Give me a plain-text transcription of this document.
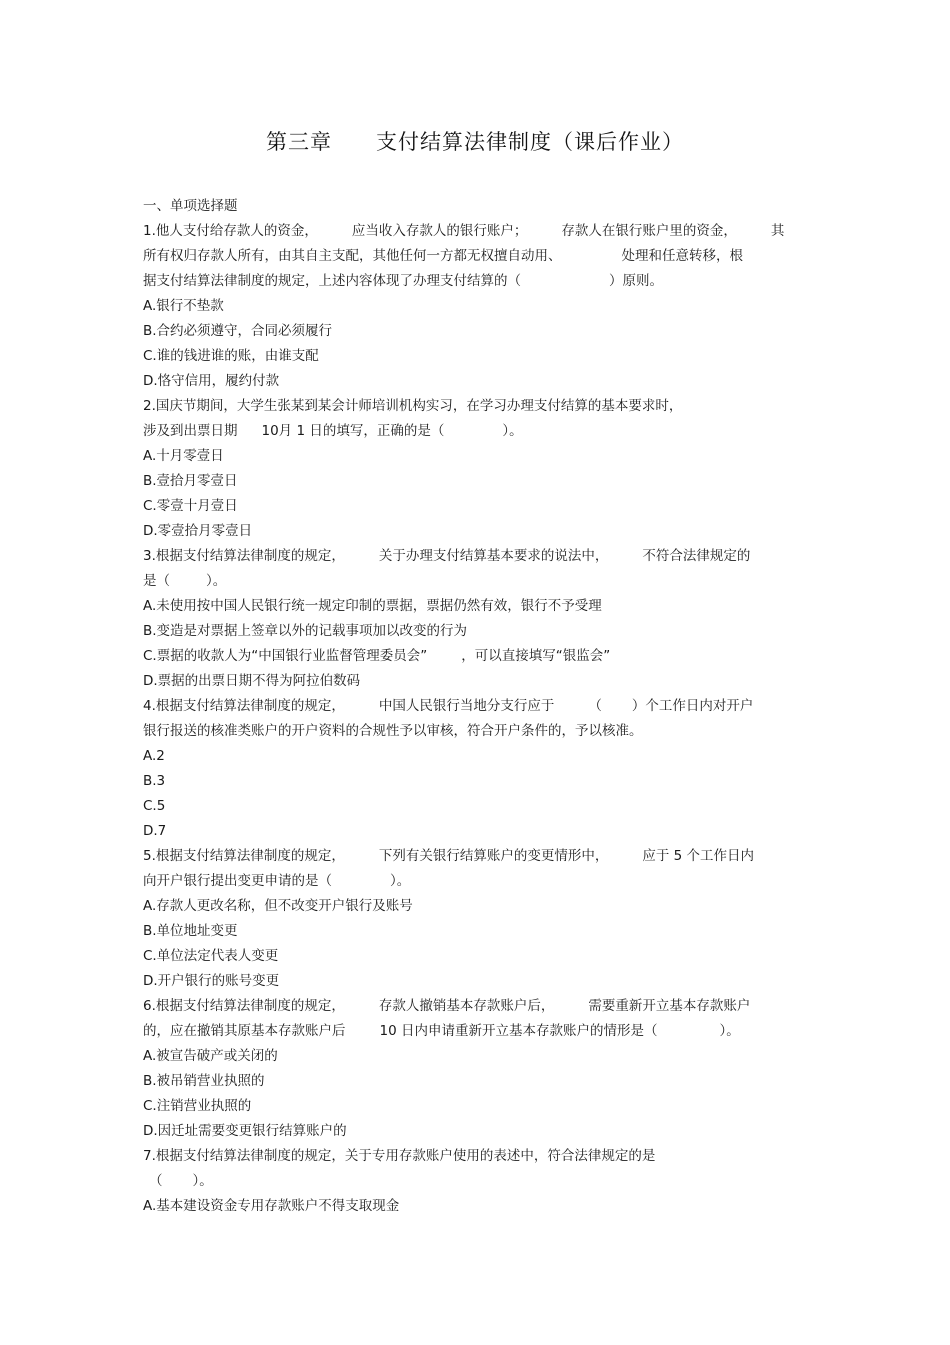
第三章 支付结算法律制度（课后作业）
一、单项选择题
1.他人支付给存款人的资金，	应当收入存款人的银行账户；	存款人在银行账户里的资金，	其
所有权归存款人所有，由其自主支配，其他任何一方都无权擅自动用、	处理和任意转移，根
据支付结算法律制度的规定，上述内容体现了办理支付结算的（	）原则。
A.银行不垫款
B.合约必须遵守，合同必须履行
C.谁的钱进谁的账，由谁支配
D.恪守信用，履约付款
2.国庆节期间，大学生张某到某会计师培训机构实习，在学习办理支付结算的基本要求时，
涉及到出票日期 10月 1 日的填写，正确的是（	）。
A.十月零壹日
B.壹拾月零壹日
C.零壹十月壹日
D.零壹拾月零壹日
3.根据支付结算法律制度的规定，	关于办理支付结算基本要求的说法中，	不符合法律规定的
是（	）。
A.未使用按中国人民银行统一规定印制的票据，票据仍然有效，银行不予受理
B.变造是对票据上签章以外的记载事项加以改变的行为
C.票据的收款人为“中国银行业监督管理委员会”	，可以直接填写“银监会”
D.票据的出票日期不得为阿拉伯数码
4.根据支付结算法律制度的规定，	中国人民银行当地分支行应于	（ ）个工作日内对开户
银行报送的核准类账户的开户资料的合规性予以审核，符合开户条件的，予以核准。
A.2
B.3
C.5
D.7
5.根据支付结算法律制度的规定，	下列有关银行结算账户的变更情形中，	应于 5 个工作日内
向开户银行提出变更申请的是（	）。
A.存款人更改名称，但不改变开户银行及账号
B.单位地址变更
C.单位法定代表人变更
D.开户银行的账号变更
6.根据支付结算法律制度的规定，	存款人撤销基本存款账户后，	需要重新开立基本存款账户
的，应在撤销其原基本存款账户后	10 日内申请重新开立基本存款账户的情形是（	）。
A.被宣告破产或关闭的
B.被吊销营业执照的
C.注销营业执照的
D.因迁址需要变更银行结算账户的
7.根据支付结算法律制度的规定，关于专用存款账户使用的表述中，符合法律规定的是
（ ）。
A.基本建设资金专用存款账户不得支取现金
